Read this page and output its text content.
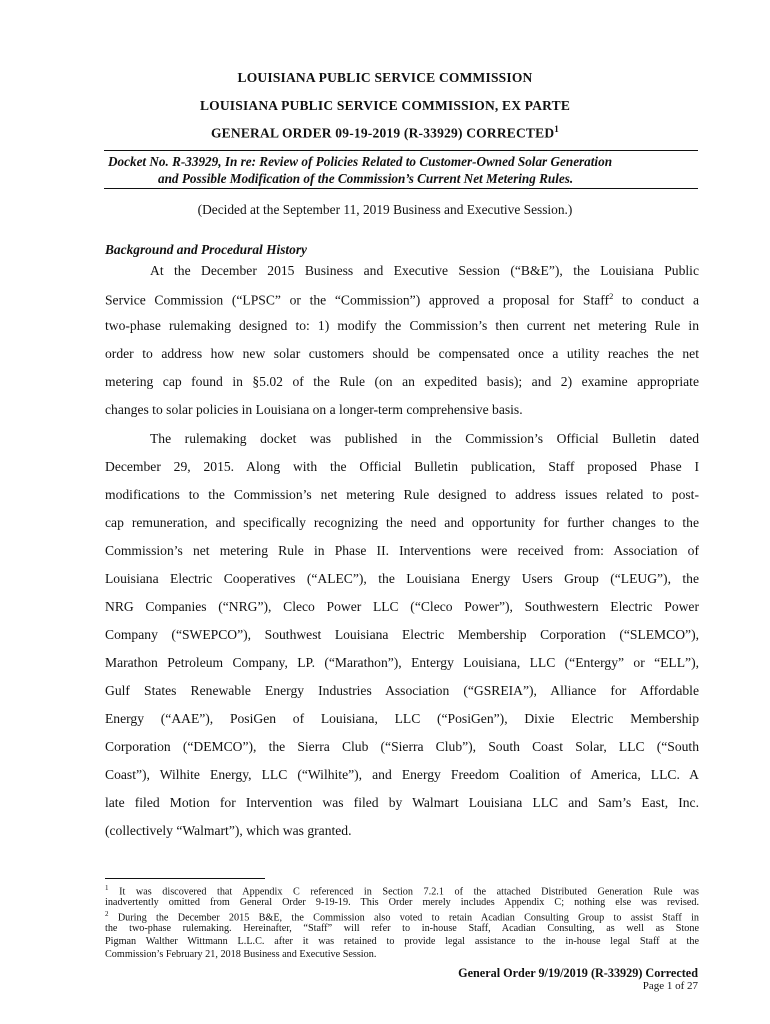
LOUISIANA PUBLIC SERVICE COMMISSION
LOUISIANA PUBLIC SERVICE COMMISSION, EX PARTE
GENERAL ORDER 09-19-2019 (R-33929) CORRECTED$^1$
Docket No. R-33929, In re: Review of Policies Related to Customer-Owned Solar Generation
and Possible Modification of the Commission’s Current Net Metering Rules.
(Decided at the September 11, 2019 Business and Executive Session.)
Background and Procedural History
At the December 2015 Business and Executive Session (“B&E”), the Louisiana Public
Service Commission (“LPSC” or the “Commission”) approved a proposal for Staff$^2$ to conduct a
two-phase rulemaking designed to: 1) modify the Commission’s then current net metering Rule in
order to address how new solar customers should be compensated once a utility reaches the net
metering cap found in §5.02 of the Rule (on an expedited basis); and 2) examine appropriate
changes to solar policies in Louisiana on a longer-term comprehensive basis.
The rulemaking docket was published in the Commission’s Official Bulletin dated
December 29, 2015. Along with the Official Bulletin publication, Staff proposed Phase I
modifications to the Commission’s net metering Rule designed to address issues related to post-
cap remuneration, and specifically recognizing the need and opportunity for further changes to the
Commission’s net metering Rule in Phase II. Interventions were received from: Association of
Louisiana Electric Cooperatives (“ALEC”), the Louisiana Energy Users Group (“LEUG”), the
NRG Companies (“NRG”), Cleco Power LLC (“Cleco Power”), Southwestern Electric Power
Company (“SWEPCO”), Southwest Louisiana Electric Membership Corporation (“SLEMCO”),
Marathon Petroleum Company, LP. (“Marathon”), Entergy Louisiana, LLC (“Entergy” or “ELL”),
Gulf States Renewable Energy Industries Association (“GSREIA”), Alliance for Affordable
Energy (“AAE”), PosiGen of Louisiana, LLC (“PosiGen”), Dixie Electric Membership
Corporation (“DEMCO”), the Sierra Club (“Sierra Club”), South Coast Solar, LLC (“South
Coast”), Wilhite Energy, LLC (“Wilhite”), and Energy Freedom Coalition of America, LLC. A
late filed Motion for Intervention was filed by Walmart Louisiana LLC and Sam’s East, Inc.
(collectively “Walmart”), which was granted.
$^1$ It was discovered that Appendix C referenced in Section 7.2.1 of the attached Distributed Generation Rule was
inadvertently omitted from General Order 9-19-19. This Order merely includes Appendix C; nothing else was revised.
$^2$ During the December 2015 B&E, the Commission also voted to retain Acadian Consulting Group to assist Staff in
the two-phase rulemaking. Hereinafter, “Staff” will refer to in-house Staff, Acadian Consulting, as well as Stone
Pigman Walther Wittmann L.L.C. after it was retained to provide legal assistance to the in-house legal Staff at the
Commission’s February 21, 2018 Business and Executive Session.
General Order 9/19/2019 (R-33929) Corrected
Page 1 of 27
